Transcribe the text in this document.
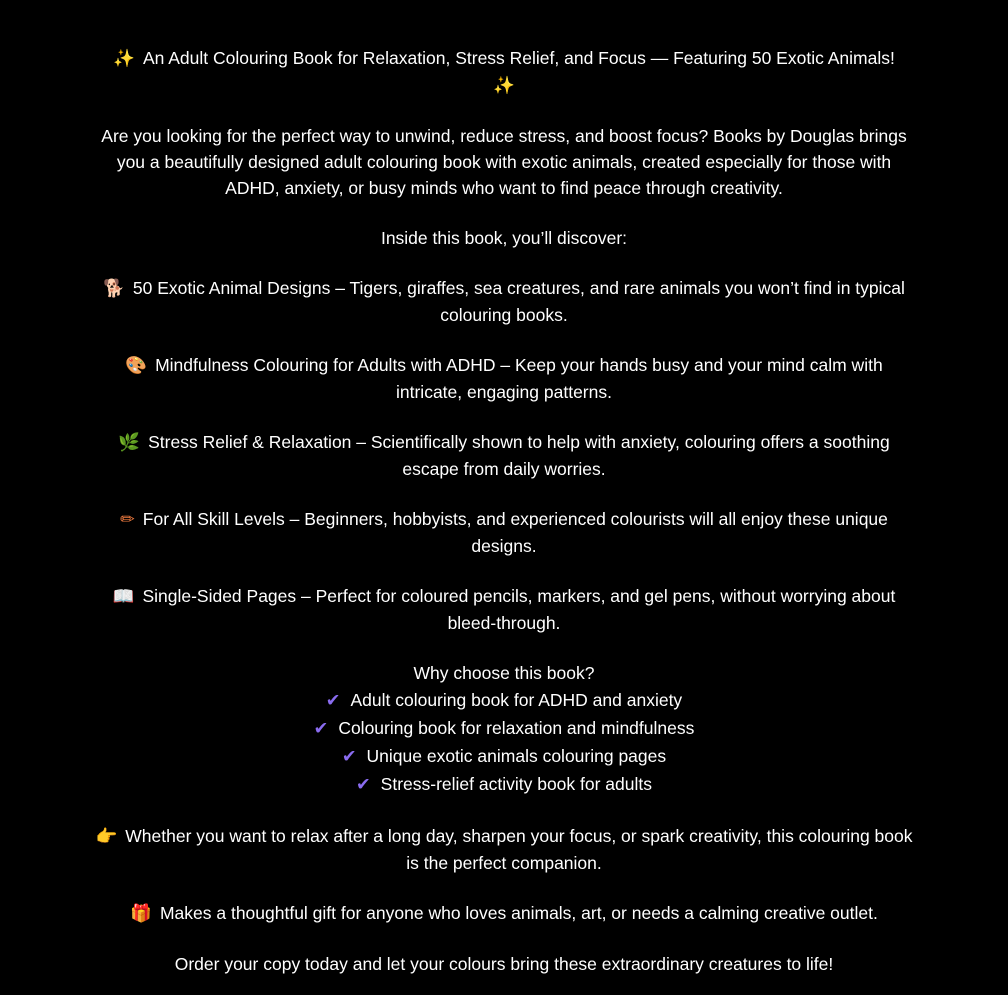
✨ An Adult Colouring Book for Relaxation, Stress Relief, and Focus — Featuring 50 Exotic Animals!
✨

Are you looking for the perfect way to unwind, reduce stress, and boost focus? Books by Douglas brings you a beautifully designed adult colouring book with exotic animals, created especially for those with ADHD, anxiety, or busy minds who want to find peace through creativity.

Inside this book, you’ll discover:

🐕 50 Exotic Animal Designs – Tigers, giraffes, sea creatures, and rare animals you won’t find in typical colouring books.

🎨 Mindfulness Colouring for Adults with ADHD – Keep your hands busy and your mind calm with intricate, engaging patterns.

🌿 Stress Relief & Relaxation – Scientifically shown to help with anxiety, colouring offers a soothing escape from daily worries.

✏ For All Skill Levels – Beginners, hobbyists, and experienced colourists will all enjoy these unique designs.

📖 Single-Sided Pages – Perfect for coloured pencils, markers, and gel pens, without worrying about bleed-through.

Why choose this book?
✔ Adult colouring book for ADHD and anxiety
✔ Colouring book for relaxation and mindfulness
✔ Unique exotic animals colouring pages
✔ Stress-relief activity book for adults

👉 Whether you want to relax after a long day, sharpen your focus, or spark creativity, this colouring book is the perfect companion.

🎁 Makes a thoughtful gift for anyone who loves animals, art, or needs a calming creative outlet.

Order your copy today and let your colours bring these extraordinary creatures to life!
